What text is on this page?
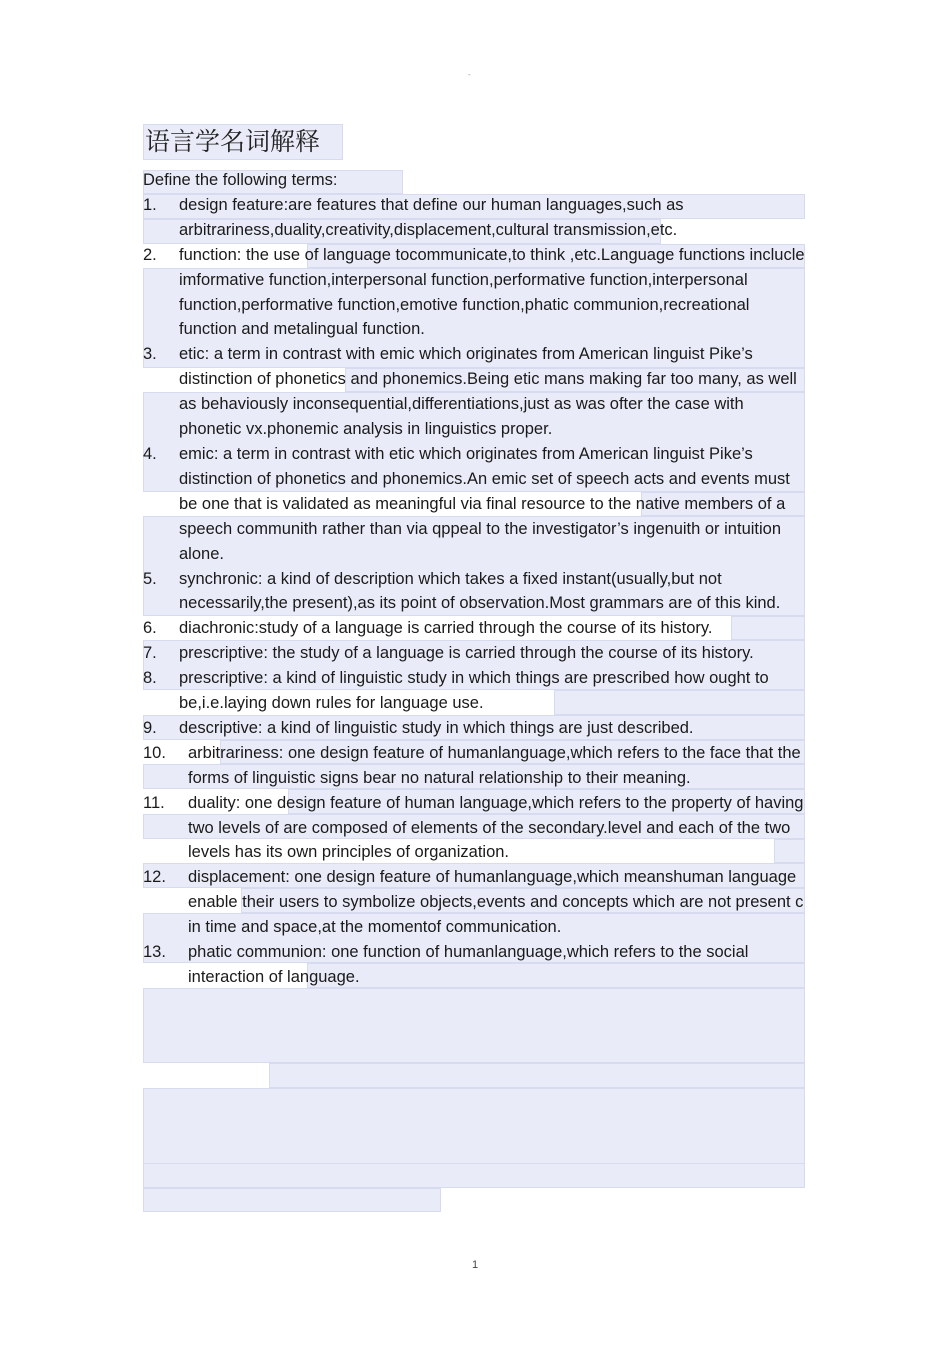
-
语言学名词解释

Define the following terms:

1.	design feature:are features that define our human languages,such as arbitrariness,duality,creativity,displacement,cultural transmission,etc.

2.	function: the use of language tocommunicate,to think ,etc.Language functions inclucle imformative function,interpersonal function,performative function,interpersonal function,performative function,emotive function,phatic communion,recreational function and metalingual function.

3.	etic: a term in contrast with emic which originates from American linguist Pike’s distinction of phonetics and phonemics.Being etic mans making far too many, as well as behaviously inconsequential,differentiations,just as was ofter the case with phonetic vx.phonemic analysis in linguistics proper.

4.	emic: a term in contrast with etic which originates from American linguist Pike’s distinction of phonetics and phonemics.An emic set of speech acts and events must be one that is validated as meaningful via final resource to the native members of a speech communith rather than via qppeal to the investigator’s ingenuith or intuition alone.

5.	synchronic: a kind of description which takes a fixed instant(usually,but not necessarily,the present),as its point of observation.Most grammars are of this kind.

6.	diachronic:study of a language is carried through the course of its history.

7.	prescriptive: the study of a language is carried through the course of its history.

8.	prescriptive: a kind of linguistic study in which things are prescribed how ought to be,i.e.laying down rules for language use.

9.	descriptive: a kind of linguistic study in which things are just described.

10.	arbitrariness: one design feature of humanlanguage,which refers to the face that the forms of linguistic signs bear no natural relationship to their meaning.

11.	duality: one design feature of human language,which refers to the property of having two levels of are composed of elements of the secondary.level and each of the two levels has its own principles of organization.

12.	displacement: one design feature of humanlanguage,which meanshuman language enable their users to symbolize objects,events and concepts which are not present c in time and space,at the momentof communication.

13.	phatic communion: one function of humanlanguage,which refers to the social interaction of language.

1
